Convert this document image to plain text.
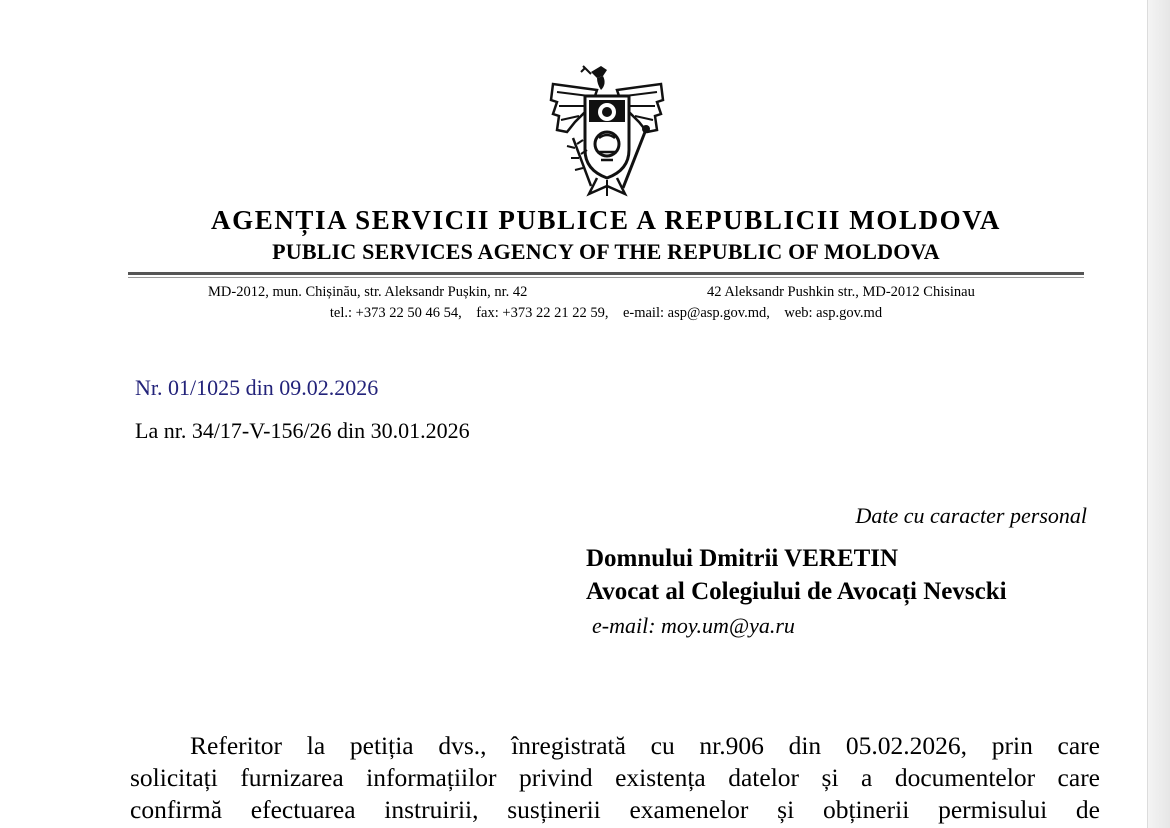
AGENȚIA SERVICII PUBLICE A REPUBLICII MOLDOVA
PUBLIC SERVICES AGENCY OF THE REPUBLIC OF MOLDOVA
MD-2012, mun. Chișinău, str. Aleksandr Pușkin, nr. 42	42 Aleksandr Pushkin str., MD-2012 Chisinau
tel.: +373 22 50 46 54,    fax: +373 22 21 22 59,    e-mail: asp@asp.gov.md,    web: asp.gov.md
Nr. 01/1025 din 09.02.2026
La nr. 34/17-V-156/26 din 30.01.2026
Date cu caracter personal
Domnului Dmitrii VERETIN
Avocat al Colegiului de Avocați Nevscki
e-mail: moy.um@ya.ru
Referitor la petiția dvs., înregistrată cu nr.906 din 05.02.2026, prin care
solicitați furnizarea informațiilor privind existența datelor și a documentelor care
confirmă efectuarea instruirii, susținerii examenelor și obținerii permisului de
